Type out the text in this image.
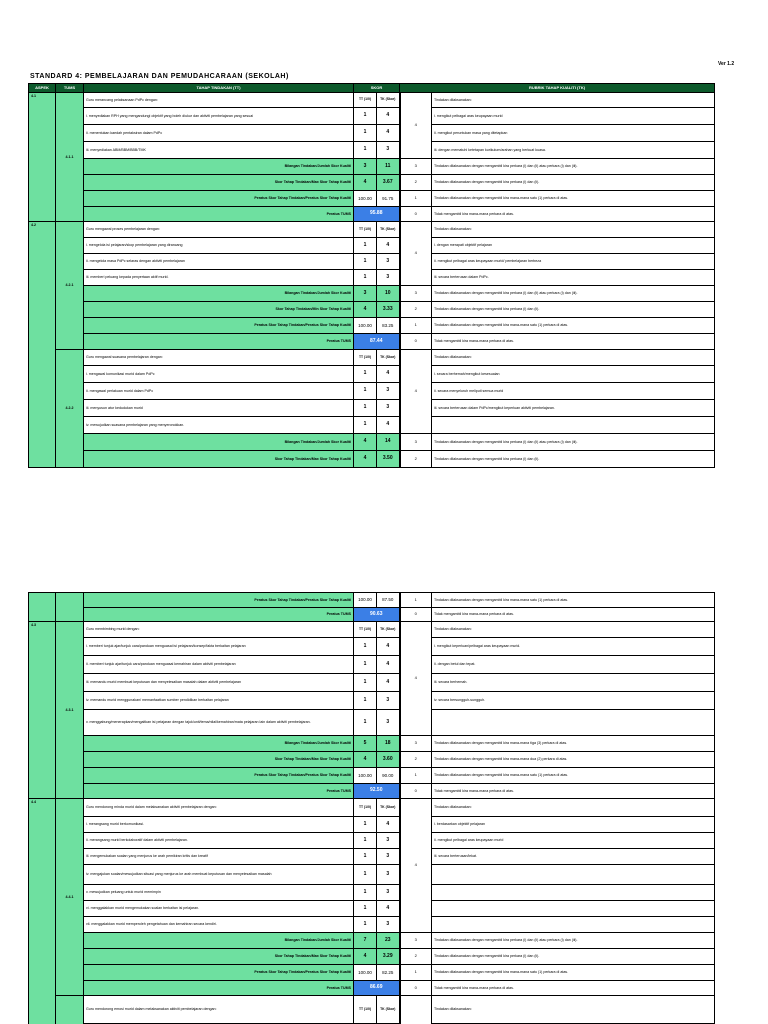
Ver 1.2
STANDARD 4: PEMBELAJARAN DAN PEMUDAHCARAAN (SEKOLAH)
ASPEK	TUMS	TAHAP TINDAKAN (TT)	SKOR		RUBRIK TAHAP KUALITI (TK)	
4.1	4.1.1	Guru merancang pelaksanaan PdPc dengan:	TT (1/0)	TK (Skor)	4	Tindakan dilaksanakan:
		i. menyediakan RPH yang mengandungi objektif yang boleh diukur dan aktiviti pembelajaran yang sesuai	1	4		i. mengikut pelbagai aras keupayaan murid
		ii. menentukan kaedah pentaksiran dalam PdPc	1	4		ii. mengikut peruntukan masa yang ditetapkan
		iii. menyediakan ABM/BBM/BBB/TMK	1	3		iii. dengan mematuhi ketetapan kurikulum/arahan yang berkuat kuasa.
		Bilangan Tindakan/Jumlah Skor Kualiti	3	11	3	Tindakan dilaksanakan dengan mengambil kira perkara (i) dan (ii) atau perkara (i) dan (iii).
		Skor Tahap Tindakan/Max Skor Tahap Kualiti	4	3.67	2	Tindakan dilaksanakan dengan mengambil kira perkara (i) dan (ii).
		Peratus Skor Tahap Tindakan/Peratus Skor Tahap Kualiti	100.00	91.75	1	Tindakan dilaksanakan dengan mengambil kira mana-mana satu (1) perkara di atas.
		Peratus TUMS	95.88		0	Tidak mengambil kira mana-mana perkara di atas.
4.2	4.2.1	Guru mengawal proses pembelajaran dengan:	TT (1/0)	TK (Skor)	4	Tindakan dilaksanakan:
		i. mengelola isi pelajaran/skop pembelajaran yang dirancang	1	4		i. dengan merapati objektif pelajaran
		ii. mengelola masa PdPc selaras dengan aktiviti pembelajaran	1	3		ii. mengikut pelbagai aras keupayaan murid/ pembelajaran berbeza
		iii. memberi peluang kepada penyertaan aktif murid.	1	3		iii. secara berterusan dalam PdPc.
		Bilangan Tindakan/Jumlah Skor Kualiti	3	10	3	Tindakan dilaksanakan dengan mengambil kira perkara (i) dan (ii) atau perkara (i) dan (iii).
		Skor Tahap Tindakan/Min Skor Tahap Kualiti	4	3.33	2	Tindakan dilaksanakan dengan mengambil kira perkara (i) dan (ii).
		Peratus Skor Tahap Tindakan/Peratus Skor Tahap Kualiti	100.00	83.25	1	Tindakan dilaksanakan dengan mengambil kira mana-mana satu (1) perkara di atas.
		Peratus TUMS	87.44		0	Tidak mengambil kira mana-mana perkara di atas.
	4.2.2	Guru mengawal suasana pembelajaran dengan:	TT (1/0)	TK (Skor)	4	Tindakan dilaksanakan:
		i. mengawal komunikasi murid dalam PdPc	1	4		i. secara berhemah/mengikut kesesuaian
		ii. mengawal perlakuan murid dalam PdPc	1	3		ii. secara menyeluruh meliputi semua murid
		iii. menyusun atur kedudukan murid	1	3		iii. secara berterusan dalam PdPc/mengikut keperluan aktiviti pembelajaran.
		iv. mewujudkan suasana pembelajaran yang menyeronokkan.	1	4		
		Bilangan Tindakan/Jumlah Skor Kualiti	4	14	3	Tindakan dilaksanakan dengan mengambil kira perkara (i) dan (ii) atau perkara (i) dan (iii).
		Skor Tahap Tindakan/Max Skor Tahap Kualiti	4	3.50	2	Tindakan dilaksanakan dengan mengambil kira perkara (i) dan (ii).
		Peratus Skor Tahap Tindakan/Peratus Skor Tahap Kualiti	100.00	87.50	1	Tindakan dilaksanakan dengan mengambil kira mana-mana satu (1) perkara di atas.
		Peratus TUMS	90.63		0	Tidak mengambil kira mana-mana perkara di atas.
4.3	4.3.1	Guru membimbing murid dengan:	TT (1/0)	TK (Skor)	4	Tindakan dilaksanakan:
		i. memberi tunjuk ajar/tunjuk cara/panduan menguasai isi pelajaran/konsep/fakta berkaitan pelajaran	1	4		i. mengikut keperluan/pelbagai aras keupayaan murid.
		ii. memberi tunjuk ajar/tunjuk cara/panduan menguasai kemahiran dalam aktiviti pembelajaran	1	4		ii. dengan betul dan tepat.
		iii. memandu murid membuat keputusan dan menyelesaikan masalah dalam aktiviti pembelajaran	1	4		iii. secara berhemah.
		iv. memandu murid menggunakan/ memanfaatkan sumber pendidikan berkaitan pelajaran	1	3		iv. secara bersungguh-sungguh.
		v. menggabung/menerapkan/mengaitkan isi pelajaran dengan tajuk/unit/tema/nilai/kemahiran/mata pelajaran lain dalam aktiviti pembelajaran.	1	3		
		Bilangan Tindakan/Jumlah Skor Kualiti	5	18	3	Tindakan dilaksanakan dengan mengambil kira mana-mana tiga (3) perkara di atas.
		Skor Tahap Tindakan/Max Skor Tahap Kualiti	4	3.60	2	Tindakan dilaksanakan dengan mengambil kira mana-mana dua (2) perkara di atas.
		Peratus Skor Tahap Tindakan/Peratus Skor Tahap Kualiti	100.00	90.00	1	Tindakan dilaksanakan dengan mengambil kira mana-mana satu (1) perkara di atas.
		Peratus TUMS	92.50		0	Tidak mengambil kira mana-mana perkara di atas.
4.4	4.4.1	Guru mendorong minda murid dalam melaksanakan aktiviti pembelajaran dengan:	TT (1/0)	TK (Skor)	4	Tindakan dilaksanakan:
		i. merangsang murid berkomunikasi.	1	4		i. berdasarkan objektif pelajaran
		ii. merangsang murid berkolaboratif dalam aktiviti pembelajaran.	1	3		ii. mengikut pelbagai aras keupayaan murid
		iii. mengemukakan soalan yang menjurus ke arah pemikiran kritis dan kreatif	1	3		iii. secara berterusan/lekat.
		iv. mengajukan soalan/mewujudkan situasi yang menjurus ke arah membuat keputusan dan menyelesaikan masalah	1	3		
		v. mewujudkan peluang untuk murid memimpin	1	3		
		vi. menggalakkan murid mengemukakan soalan berkaitan isi pelajaran.	1	4		
		vii. menggalakkan murid memperoleh pengetahuan dan kemahiran secara kendiri.	1	3		
		Bilangan Tindakan/Jumlah Skor Kualiti	7	23	3	Tindakan dilaksanakan dengan mengambil kira perkara (i) dan (ii) atau perkara (i) dan (iii).
		Skor Tahap Tindakan/Max Skor Tahap Kualiti	4	3.29	2	Tindakan dilaksanakan dengan mengambil kira perkara (i) dan (ii).
		Peratus Skor Tahap Tindakan/Peratus Skor Tahap Kualiti	100.00	82.25	1	Tindakan dilaksanakan dengan mengambil kira mana-mana satu (1) perkara di atas.
		Peratus TUMS	86.69		0	Tidak mengambil kira mana-mana perkara di atas.
		Guru mendorong emosi murid dalam melaksanakan aktiviti pembelajaran dengan:	TT (1/0)	TK (Skor)		Tindakan dilaksanakan:
